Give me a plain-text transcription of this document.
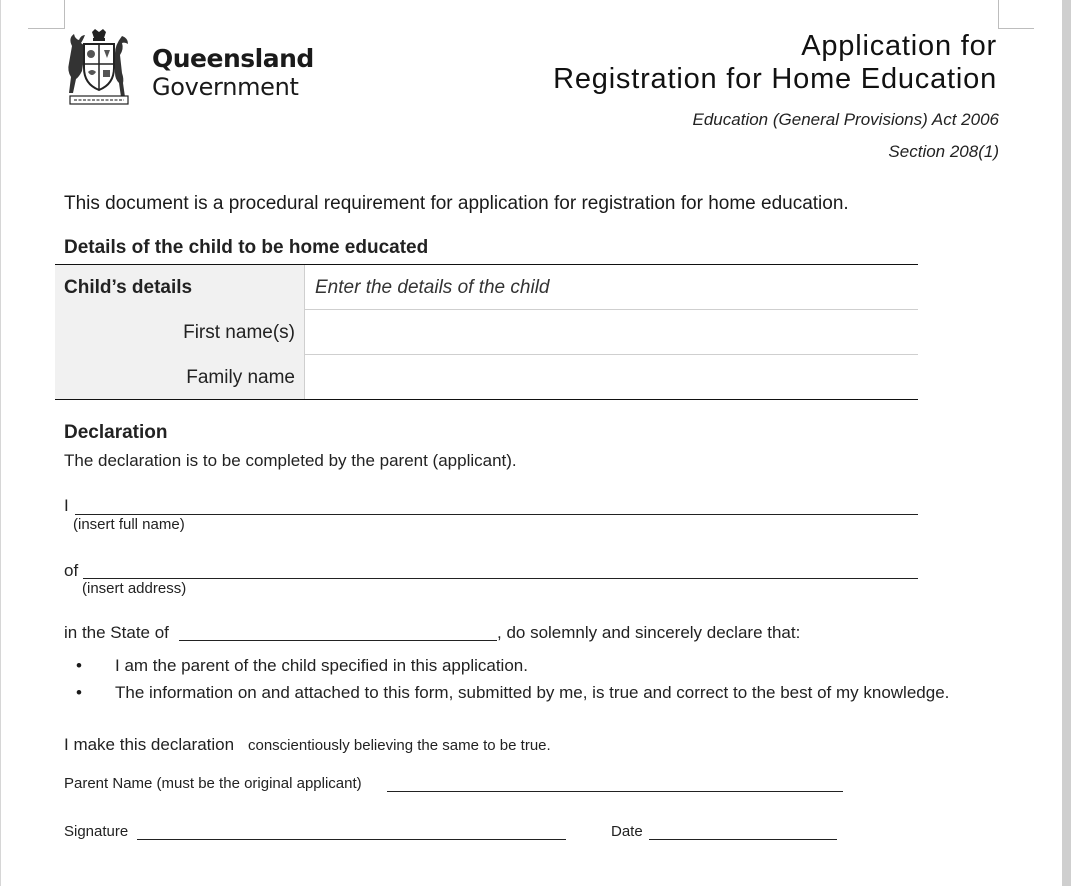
Queensland
Government
Application for
Registration for Home Education
Education (General Provisions) Act 2006
Section 208(1)
This document is a procedural requirement for application for registration for home education.
Details of the child to be home educated
Child’s details	Enter the details of the child
First name(s)
Family name
Declaration
The declaration is to be completed by the parent (applicant).
I
(insert full name)
of
(insert address)
in the State of	, do solemnly and sincerely declare that:
• I am the parent of the child specified in this application.
• The information on and attached to this form, submitted by me, is true and correct to the best of my knowledge.
I make this declaration conscientiously believing the same to be true.
Parent Name (must be the original applicant)
Signature	Date
